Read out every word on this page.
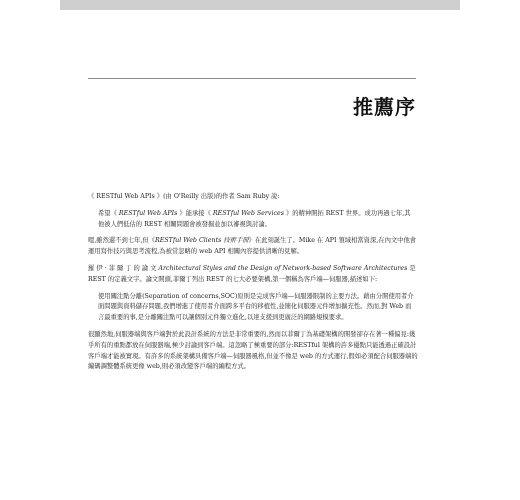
推薦序

《 RESTful Web APIs 》(由 O'Reilly 出版)的作者 Sam Ruby 說:

希望《 RESTful Web APIs 》能承接《 RESTful Web Services 》的精神開拓 REST 世界。成功再過七年,其他被人們低估的 REST 相關問題會被發掘並加以審視與討論。

嗯,雖然還不到七年,但《RESTful Web Clients 技術手冊》在此刻誕生了。Mike 在 API 領域相當資深,在內文中他會運用寫作技巧與思考流程,為被常忽略的 web API 相關內容提供清晰的見解。

羅 伊 · 菲 爾 丁 的 論 文 Architectural Styles and the Design of Network-based Software Architectures 是 REST 的定義文字。論文開頭,菲爾丁列出 REST 的七大必要架構,第一個稱為客戶端—伺服器,描述如下:

使用關注點分離(Separation of concerns,SOC)原則是完成客戶端—伺服器限制的主要方法。藉由分開使用者介面問題與資料儲存問題,我們增進了使用者介面跨多平台的移植性,並簡化伺服器元件增加擴充性。然而,對 Web 而言最重要的事,是分離關注點可以讓個別元件獨立進化,以達支援到更廣泛的網路規模要求。

很顯然地,伺服器端與客戶端對於此設計系統的方法是非常重要的,然而以菲爾丁為基礎架構的開發卻存在著一種偏見:幾乎所有的重點都放在伺服器端,極少討論到客戶端。這忽略了極重要的部分:RESTful 架構的許多優點只能透過正確設計客戶端才能被實現。有許多的系統架構具備客戶端—伺服器風格,但並不像是 web 的方式運行,假如必須配合伺服器端的編碼調整體系統更像 web,則必須改變客戶端的編程方式。
